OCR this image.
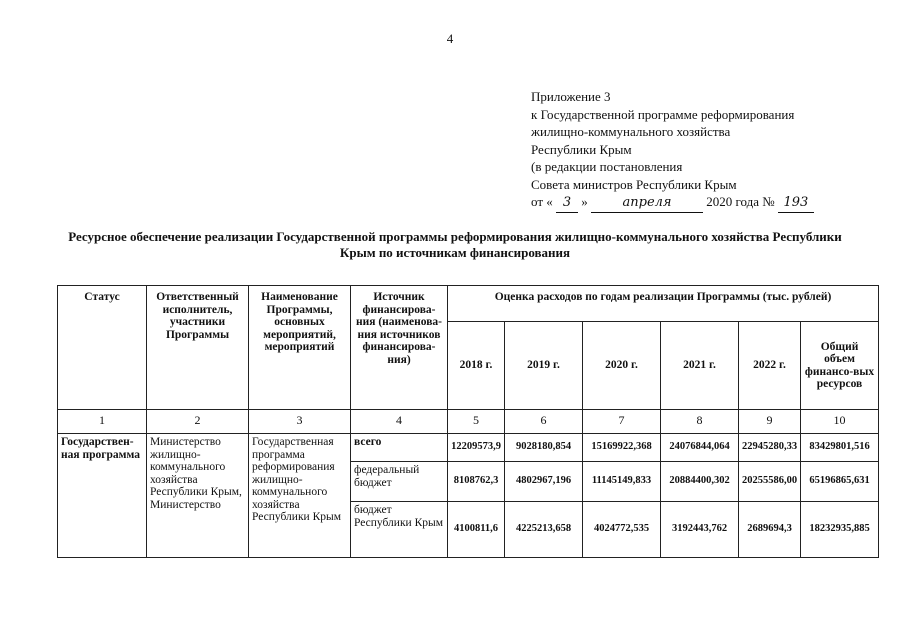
4
Приложение 3
к Государственной программе реформирования
жилищно-коммунального хозяйства
Республики Крым
(в редакции постановления
Совета министров Республики Крым
от « 3 »	апреля	2020 года № 193
Ресурсное обеспечение реализации Государственной программы реформирования жилищно-коммунального хозяйства Республики Крым по источникам финансирования
Статус	Ответственный исполнитель, участники Программы	Наименование Программы, основных мероприятий, мероприятий	Источник финансирова-ния (наименова-ния источников финансирова-ния)	Оценка расходов по годам реализации Программы (тыс. рублей)					
				2018 г.	2019 г.	2020 г.	2021 г.	2022 г.	Общий объем финансо-вых ресурсов
1	2	3	4	5	6	7	8	9	10
Государствен-ная программа	Министерство жилищно-коммунального хозяйства Республики Крым, Министерство	Государственная программа реформирования жилищно-коммунального хозяйства Республики Крым	всего	12209573,9	9028180,854	15169922,368	24076844,064	22945280,33	83429801,516
			федеральный бюджет	8108762,3	4802967,196	11145149,833	20884400,302	20255586,00	65196865,631
			бюджет Республики Крым	4100811,6	4225213,658	4024772,535	3192443,762	2689694,3	18232935,885
